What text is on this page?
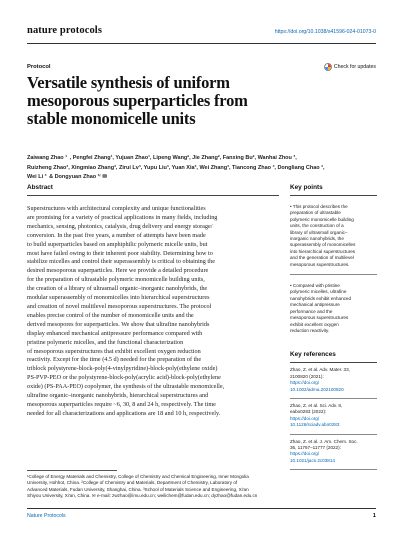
nature protocols	https://doi.org/10.1038/s41596-024-01073-0
Protocol	Check for updates
Versatile synthesis of uniform
mesoporous superparticles from
stable monomicelle units
Zaiwang Zhao ¹  , Pengfei Zhang¹, Yujuan Zhao¹, Lipeng Wang², Jie Zhang², Fanxing Bu², Wanhai Zhou ³,
Ruizheng Zhao³, Xingmiao Zhang³, Zirui Lv³, Yupu Liu³, Yuan Xia³, Wei Zhang³, Tiancong Zhao ³, Dongliang Chao ³,
Wei Li ³  & Dongyuan Zhao ¹ʳ ✉
Abstract
Superstructures with architectural complexity and unique functionalities
are promising for a variety of practical applications in many fields, including
mechanics, sensing, photonics, catalysis, drug delivery and energy storage/
conversion. In the past five years, a number of attempts have been made
to build superparticles based on amphiphilic polymeric micelle units, but
most have failed owing to their inherent poor stability. Determining how to
stabilize micelles and control their superassembly is critical to obtaining the
desired mesoporous superparticles. Here we provide a detailed procedure
for the preparation of ultrastable polymeric monomicelle building units,
the creation of a library of ultrasmall organic–inorganic nanohybrids, the
modular superassembly of monomicelles into hierarchical superstructures
and creation of novel multilevel mesoporous superstructures. The protocol
enables precise control of the number of monomicelle units and the
derived mesopores for superparticles. We show that ultrafine nanohybrids
display enhanced mechanical antipressure performance compared with
pristine polymeric micelles, and the functional characterization
of mesoporous superstructures that exhibit excellent oxygen reduction
reactivity. Except for the time (4.5 d) needed for the preparation of the
triblock polystyrene-block-poly(4-vinylpyridine)-block-poly(ethylene oxide)
PS-PVP-PEO or the polystyrene-block-poly(acrylic acid)-block-poly(ethylene
oxide) (PS-PAA-PEO) copolymer, the synthesis of the ultrastable monomicelle,
ultrafine organic–inorganic nanohybrids, hierarchical superstructures and
mesoporous superparticles require ~6, 30, 8 and 24 h, respectively. The time
needed for all characterizations and applications are 18 and 10 h, respectively.
Key points
• This protocol describes the
preparation of ultrastable
polymeric monomicelle building
units, the construction of a
library of ultrasmall organic–
inorganic nanohybrids, the
superassembly of monomicelles
into hierarchical superstructures
and the generation of multilevel
mesoporous superstructures.
• Compared with pristine
polymeric micelles, ultrafine
nanohybrids exhibit enhanced
mechanical antipressure
performance and the
mesoporous superstructures
exhibit excellent oxygen
reduction reactivity.
Key references
Zhao, Z. et al. Adv. Mater. 33,
2100820 (2021):
https://doi.org/
10.1002/adma.202100820
Zhao, Z. et al. Sci. Adv. 8,
eabo0283 (2022):
https://doi.org/
10.1126/sciadv.abo0283
Zhao, Z. et al. J. Am. Chem. Soc.
36, 11767–11777 (2022):
https://doi.org/
10.1021/jacs.2c03814
¹College of Energy Materials and Chemistry, College of Chemistry and Chemical Engineering, Inner Mongolia
University, Hohhot, China. ²College of Chemistry and Materials, Department of Chemistry, Laboratory of
Advanced Materials, Fudan University, Shanghai, China. ³School of Materials Science and Engineering, Xi'an
Shiyou University, Xi'an, China. ✉ e-mail: zwzhao@imu.edu.cn; weilichem@fudan.edu.cn; dyzhao@fudan.edu.cn
Nature Protocols	1
